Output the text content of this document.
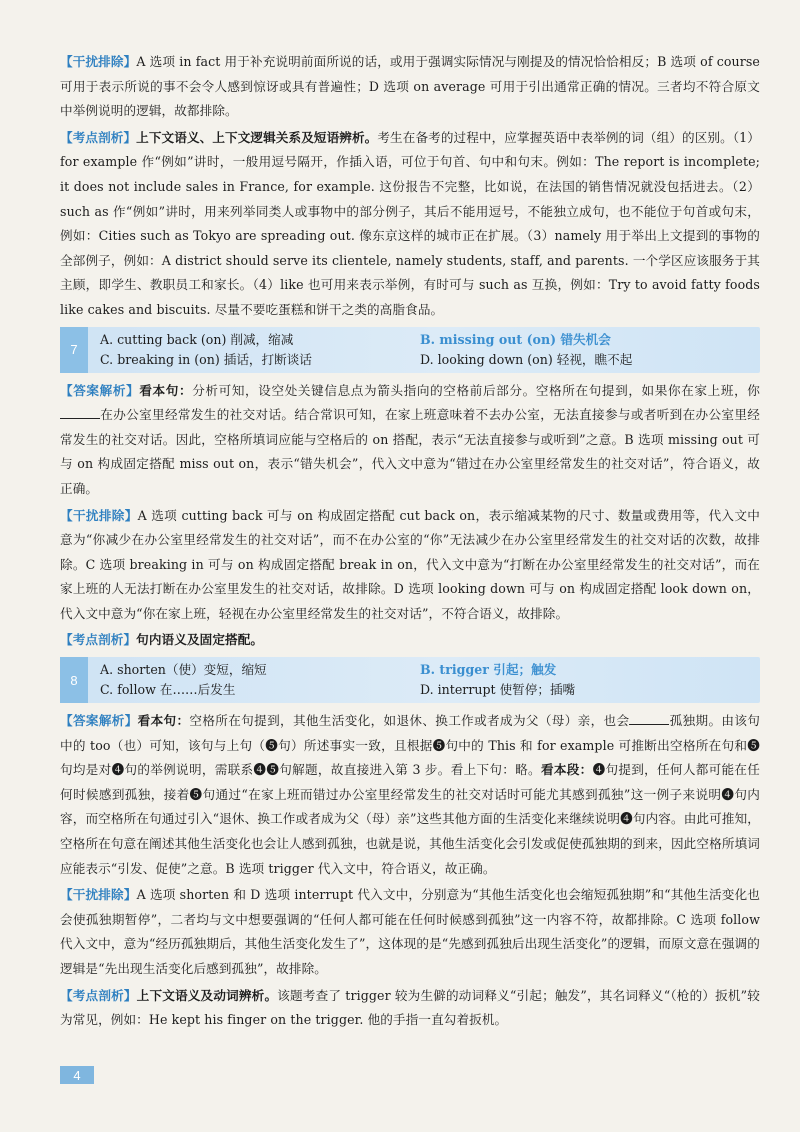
【干扰排除】A 选项 in fact 用于补充说明前面所说的话，或用于强调实际情况与刚提及的情况恰恰相反；B 选项 of course 可用于表示所说的事不会令人感到惊讶或具有普遍性；D 选项 on average 可用于引出通常正确的情况。三者均不符合原文中举例说明的逻辑，故都排除。

【考点剖析】上下文语义、上下文逻辑关系及短语辨析。考生在备考的过程中，应掌握英语中表举例的词（组）的区别。（1）for example 作“例如”讲时，一般用逗号隔开，作插入语，可位于句首、句中和句末。例如：The report is incomplete; it does not include sales in France, for example. 这份报告不完整，比如说，在法国的销售情况就没包括进去。（2）such as 作“例如”讲时，用来列举同类人或事物中的部分例子，其后不能用逗号，不能独立成句，也不能位于句首或句末，例如：Cities such as Tokyo are spreading out. 像东京这样的城市正在扩展。（3）namely 用于举出上文提到的事物的全部例子，例如：A district should serve its clientele, namely students, staff, and parents. 一个学区应该服务于其主顾，即学生、教职员工和家长。（4）like 也可用来表示举例，有时可与 such as 互换，例如：Try to avoid fatty foods like cakes and biscuits. 尽量不要吃蛋糕和饼干之类的高脂食品。

7
A. cutting back (on) 削减，缩减	B. missing out (on) 错失机会
C. breaking in (on) 插话，打断谈话	D. looking down (on) 轻视，瞧不起

【答案解析】看本句：分析可知，设空处关键信息点为箭头指向的空格前后部分。空格所在句提到，如果你在家上班，你在办公室里经常发生的社交对话。结合常识可知，在家上班意味着不去办公室，无法直接参与或者听到在办公室里经常发生的社交对话。因此，空格所填词应能与空格后的 on 搭配，表示“无法直接参与或听到”之意。B 选项 missing out 可与 on 构成固定搭配 miss out on，表示“错失机会”，代入文中意为“错过在办公室里经常发生的社交对话”，符合语义，故正确。

【干扰排除】A 选项 cutting back 可与 on 构成固定搭配 cut back on，表示缩减某物的尺寸、数量或费用等，代入文中意为“你减少在办公室里经常发生的社交对话”，而不在办公室的“你”无法减少在办公室里经常发生的社交对话的次数，故排除。C 选项 breaking in 可与 on 构成固定搭配 break in on，代入文中意为“打断在办公室里经常发生的社交对话”，而在家上班的人无法打断在办公室里发生的社交对话，故排除。D 选项 looking down 可与 on 构成固定搭配 look down on，代入文中意为“你在家上班，轻视在办公室里经常发生的社交对话”，不符合语义，故排除。

【考点剖析】句内语义及固定搭配。

8
A. shorten（使）变短，缩短	B. trigger 引起；触发
C. follow 在……后发生	D. interrupt 使暂停；插嘴

【答案解析】看本句：空格所在句提到，其他生活变化，如退休、换工作或者成为父（母）亲，也会	孤独期。由该句中的 too（也）可知，该句与上句（❺句）所述事实一致，且根据❺句中的 This 和 for example 可推断出空格所在句和❺句均是对❹句的举例说明，需联系❹❺句解题，故直接进入第 3 步。看上下句：略。看本段：❹句提到，任何人都可能在任何时候感到孤独，接着❺句通过“在家上班而错过办公室里经常发生的社交对话时可能尤其感到孤独”这一例子来说明❹句内容，而空格所在句通过引入“退休、换工作或者成为父（母）亲”这些其他方面的生活变化来继续说明❹句内容。由此可推知，空格所在句意在阐述其他生活变化也会让人感到孤独，也就是说，其他生活变化会引发或促使孤独期的到来，因此空格所填词应能表示“引发、促使”之意。B 选项 trigger 代入文中，符合语义，故正确。

【干扰排除】A 选项 shorten 和 D 选项 interrupt 代入文中，分别意为“其他生活变化也会缩短孤独期”和“其他生活变化也会使孤独期暂停”，二者均与文中想要强调的“任何人都可能在任何时候感到孤独”这一内容不符，故都排除。C 选项 follow 代入文中，意为“经历孤独期后，其他生活变化发生了”，这体现的是“先感到孤独后出现生活变化”的逻辑，而原文意在强调的逻辑是“先出现生活变化后感到孤独”，故排除。

【考点剖析】上下文语义及动词辨析。该题考查了 trigger 较为生僻的动词释义“引起；触发”，其名词释义“（枪的）扳机”较为常见，例如：He kept his finger on the trigger. 他的手指一直勾着扳机。

4
